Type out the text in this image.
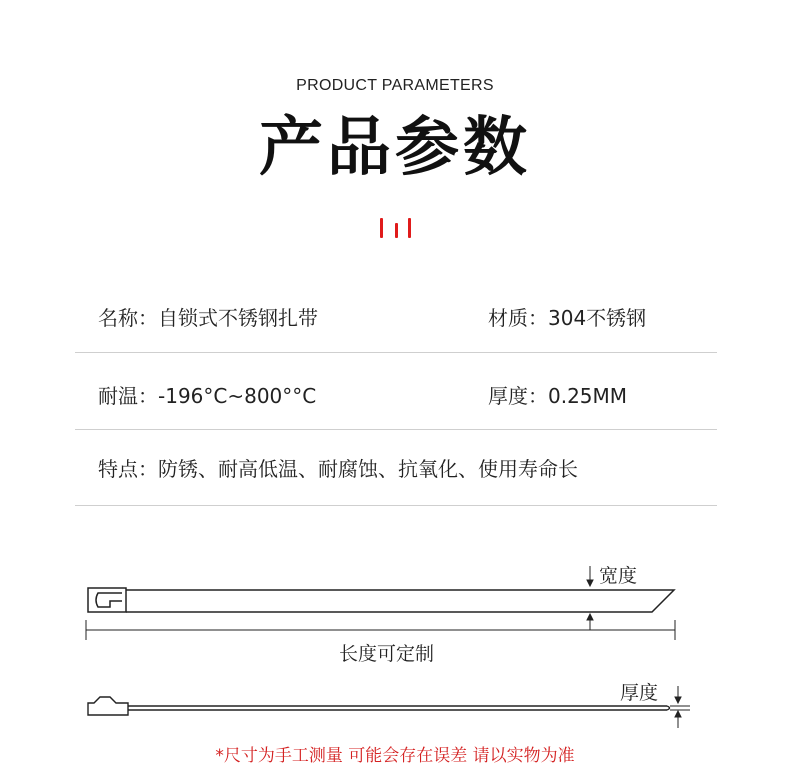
PRODUCT PARAMETERS
产品参数
名称：自锁式不锈钢扎带	材质：304不锈钢
耐温：-196°C~800°°C	厚度：0.25MM
特点：防锈、耐高低温、耐腐蚀、抗氧化、使用寿命长
宽度
长度可定制
厚度
*尺寸为手工测量 可能会存在误差 请以实物为准
